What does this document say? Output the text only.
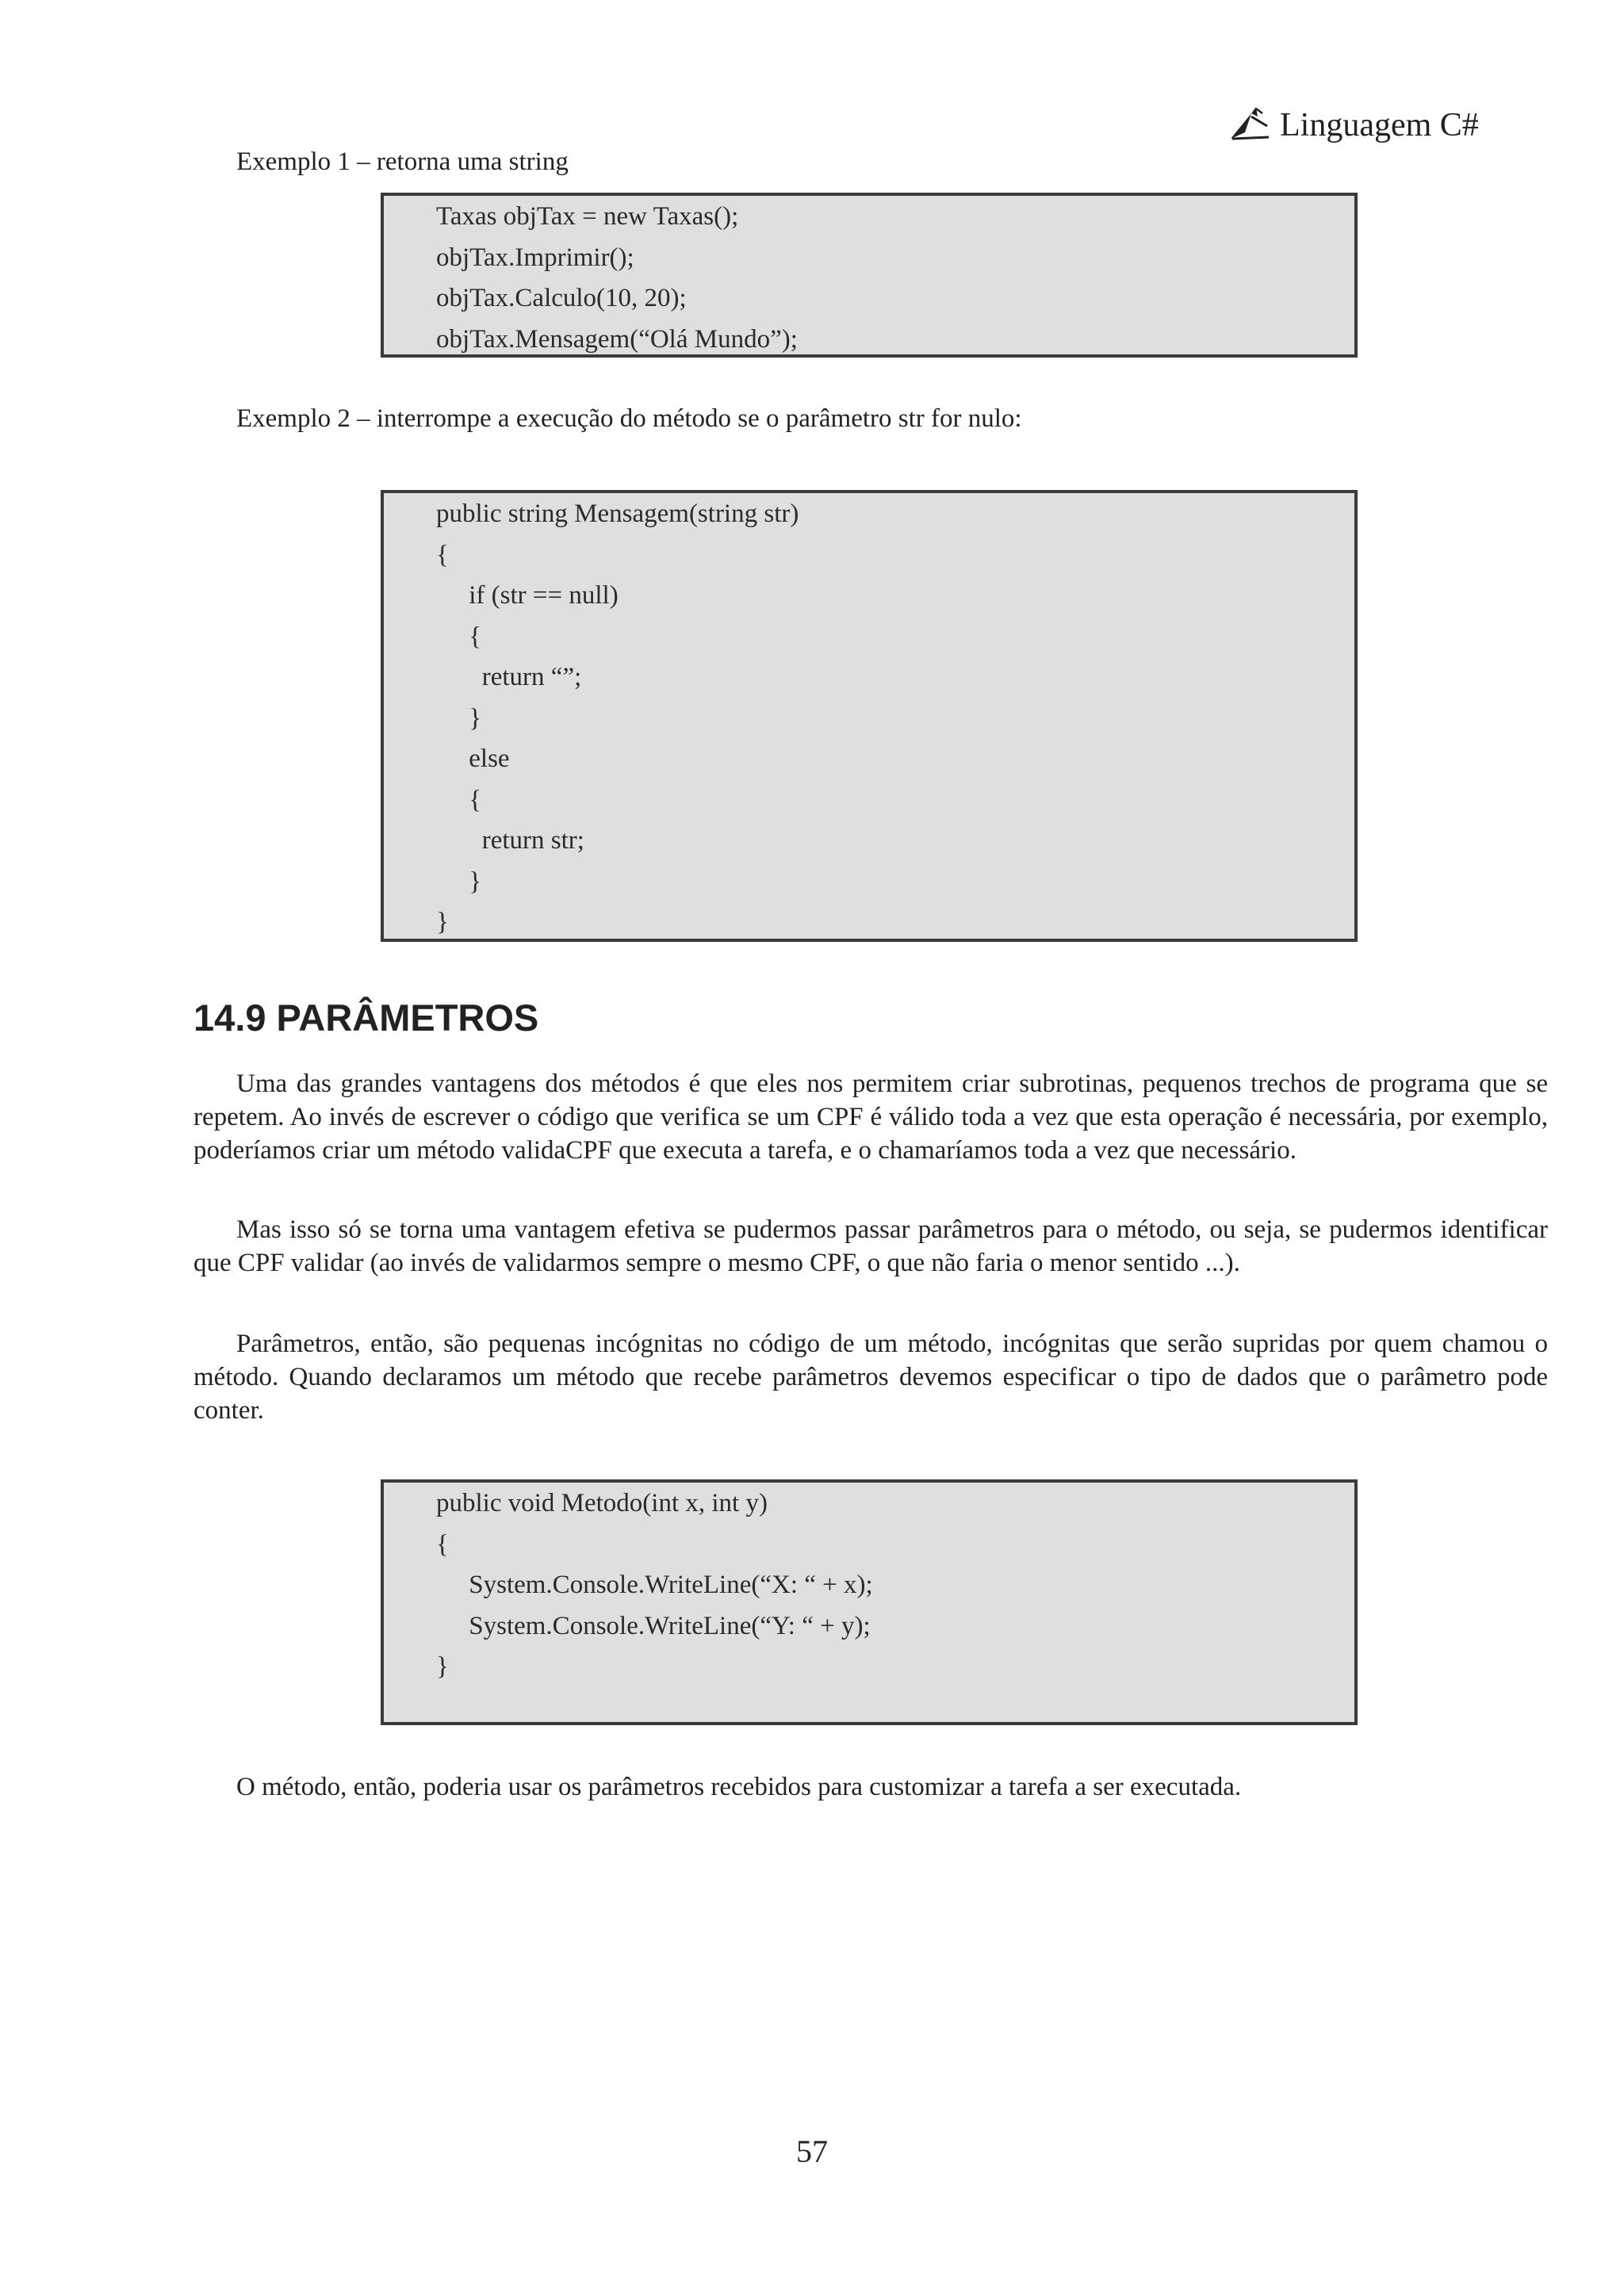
Linguagem C#
Exemplo 1 – retorna uma string
Taxas objTax = new Taxas();
objTax.Imprimir();
objTax.Calculo(10, 20);
objTax.Mensagem(“Olá Mundo”);
Exemplo 2 – interrompe a execução do método se o parâmetro str for nulo:
public string Mensagem(string str)
{
if (str == null)
{
return “”;
}
else
{
return str;
}
}
14.9 PARÂMETROS

Uma das grandes vantagens dos métodos é que eles nos permitem criar subrotinas, pequenos trechos de programa que se repetem. Ao invés de escrever o código que verifica se um CPF é válido toda a vez que esta operação é necessária, por exemplo, poderíamos criar um método validaCPF que executa a tarefa, e o chamaríamos toda a vez que necessário.

Mas isso só se torna uma vantagem efetiva se pudermos passar parâmetros para o método, ou seja, se pudermos identificar que CPF validar (ao invés de validarmos sempre o mesmo CPF, o que não faria o menor sentido ...).

Parâmetros, então, são pequenas incógnitas no código de um método, incógnitas que serão supridas por quem chamou o método. Quando declaramos um método que recebe parâmetros devemos especificar o tipo de dados que o parâmetro pode conter.

public void Metodo(int x, int y)
{
System.Console.WriteLine(“X: “ + x);
System.Console.WriteLine(“Y: “ + y);
}
O método, então, poderia usar os parâmetros recebidos para customizar a tarefa a ser executada.
57
